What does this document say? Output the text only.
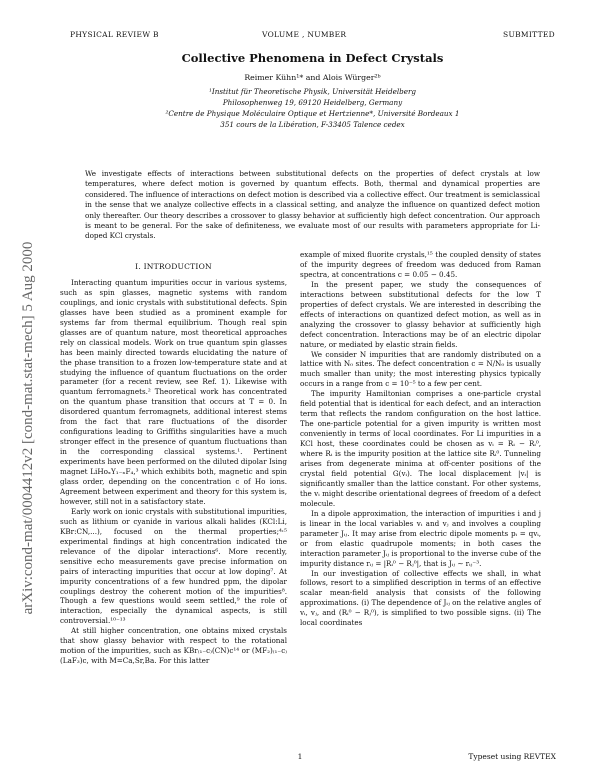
PHYSICAL REVIEW B	VOLUME , NUMBER	SUBMITTED
Collective Phenomena in Defect Crystals
Reimer Kühn¹* and Alois Würger²ᵇ
¹Institut für Theoretische Physik, Universität Heidelberg
Philosophenweg 19, 69120 Heidelberg, Germany
²Centre de Physique Moléculaire Optique et Hertzienne*, Université Bordeaux 1
351 cours de la Libération, F-33405 Talence cedex
We investigate effects of interactions between substitutional defects on the properties of defect crystals at low temperatures, where defect motion is governed by quantum effects. Both, thermal and dynamical properties are considered. The influence of interactions on defect motion is described via a collective effect. Our treatment is semiclassical in the sense that we analyze collective effects in a classical setting, and analyze the influence on quantized defect motion only thereafter. Our theory describes a crossover to glassy behavior at sufficiently high defect concentration. Our approach is meant to be general. For the sake of definiteness, we evaluate most of our results with parameters appropriate for Li-doped KCl crystals.
arXiv:cond-mat/0004412v2 [cond-mat.stat-mech] 5 Aug 2000	I. INTRODUCTION

Interacting quantum impurities occur in various systems, such as spin glasses, magnetic systems with random couplings, and ionic crystals with substitutional defects. Spin glasses have been studied as a prominent example for systems far from thermal equilibrium. Though real spin glasses are of quantum nature, most theoretical approaches rely on classical models. Work on true quantum spin glasses has been mainly directed towards elucidating the nature of the phase transition to a frozen low-temperature state and at studying the influence of quantum fluctuations on the order parameter (for a recent review, see Ref. 1). Likewise with quantum ferromagnets.² Theoretical work has concentrated on the quantum phase transition that occurs at T = 0. In disordered quantum ferromagnets, additional interest stems from the fact that rare fluctuations of the disorder configurations leading to Griffiths singularities have a much stronger effect in the presence of quantum fluctuations than in the corresponding classical systems.¹. Pertinent experiments have been performed on the diluted dipolar Ising magnet LiHoₓY₁₋ₓF₄,³ which exhibits both, magnetic and spin glass order, depending on the concentration c of Ho ions. Agreement between experiment and theory for this system is, however, still not in a satisfactory state.

Early work on ionic crystals with substitutional impurities, such as lithium or cyanide in various alkali halides (KCl:Li, KBr:CN,...), focused on the thermal properties;⁴˒⁵ experimental findings at high concentration indicated the relevance of the dipolar interactions⁶. More recently, sensitive echo measurements gave precise information on pairs of interacting impurities that occur at low doping⁷. At impurity concentrations of a few hundred ppm, the dipolar couplings destroy the coherent motion of the impurities⁸. Though a few questions would seem settled,⁹ the role of interaction, especially the dynamical aspects, is still controversial.¹⁰⁻¹³

At still higher concentration, one obtains mixed crystals that show glassy behavior with respect to the rotational motion of the impurities, such as KBr₍₁₋c₎(CN)c¹⁴ or (MF₂)₍₁₋c₎(LaF₃)c, with M=Ca,Sr,Ba. For this latter

example of mixed fluorite crystals,¹⁵ the coupled density of states of the impurity degrees of freedom was deduced from Raman spectra, at concentrations c = 0.05 − 0.45.

In the present paper, we study the consequences of interactions between substitutional defects for the low T properties of defect crystals. We are interested in describing the effects of interactions on quantized defect motion, as well as in analyzing the crossover to glassy behavior at sufficiently high defect concentration. Interactions may be of an electric dipolar nature, or mediated by elastic strain fields.

We consider N impurities that are randomly distributed on a lattice with N₀ sites. The defect concentration c = N/N₀ is usually much smaller than unity; the most interesting physics typically occurs in a range from c = 10⁻⁵ to a few per cent.

The impurity Hamiltonian comprises a one-particle crystal field potential that is identical for each defect, and an interaction term that reflects the random configuration on the host lattice. The one-particle potential for a given impurity is written most conveniently in terms of local coordinates. For Li impurities in a KCl host, these coordinates could be chosen as vᵢ = Rᵢ − Rᵢ⁰, where Rᵢ is the impurity position at the lattice site Rᵢ⁰. Tunneling arises from degenerate minima at off-center positions of the crystal field potential G(vᵢ). The local displacement |vᵢ| is significantly smaller than the lattice constant. For other systems, the vᵢ might describe orientational degrees of freedom of a defect molecule.

In a dipole approximation, the interaction of impurities i and j is linear in the local variables vᵢ and vⱼ and involves a coupling parameter Jᵢⱼ. It may arise from electric dipole moments pᵢ = qvᵢ, or from elastic quadrupole moments; in both cases the interaction parameter Jᵢⱼ is proportional to the inverse cube of the impurity distance rᵢⱼ = |Rᵢ⁰ − Rⱼ⁰|, that is Jᵢⱼ ∼ rᵢⱼ⁻³.

In our investigation of collective effects we shall, in what follows, resort to a simplified description in terms of an effective scalar mean-field analysis that consists of the following approximations. (i) The dependence of Jᵢⱼ on the relative angles of vᵢ, vⱼ, and (Rᵢ⁰ − Rⱼ⁰), is simplified to two possible signs. (ii) The local coordinates

1	Typeset using REVTEX
